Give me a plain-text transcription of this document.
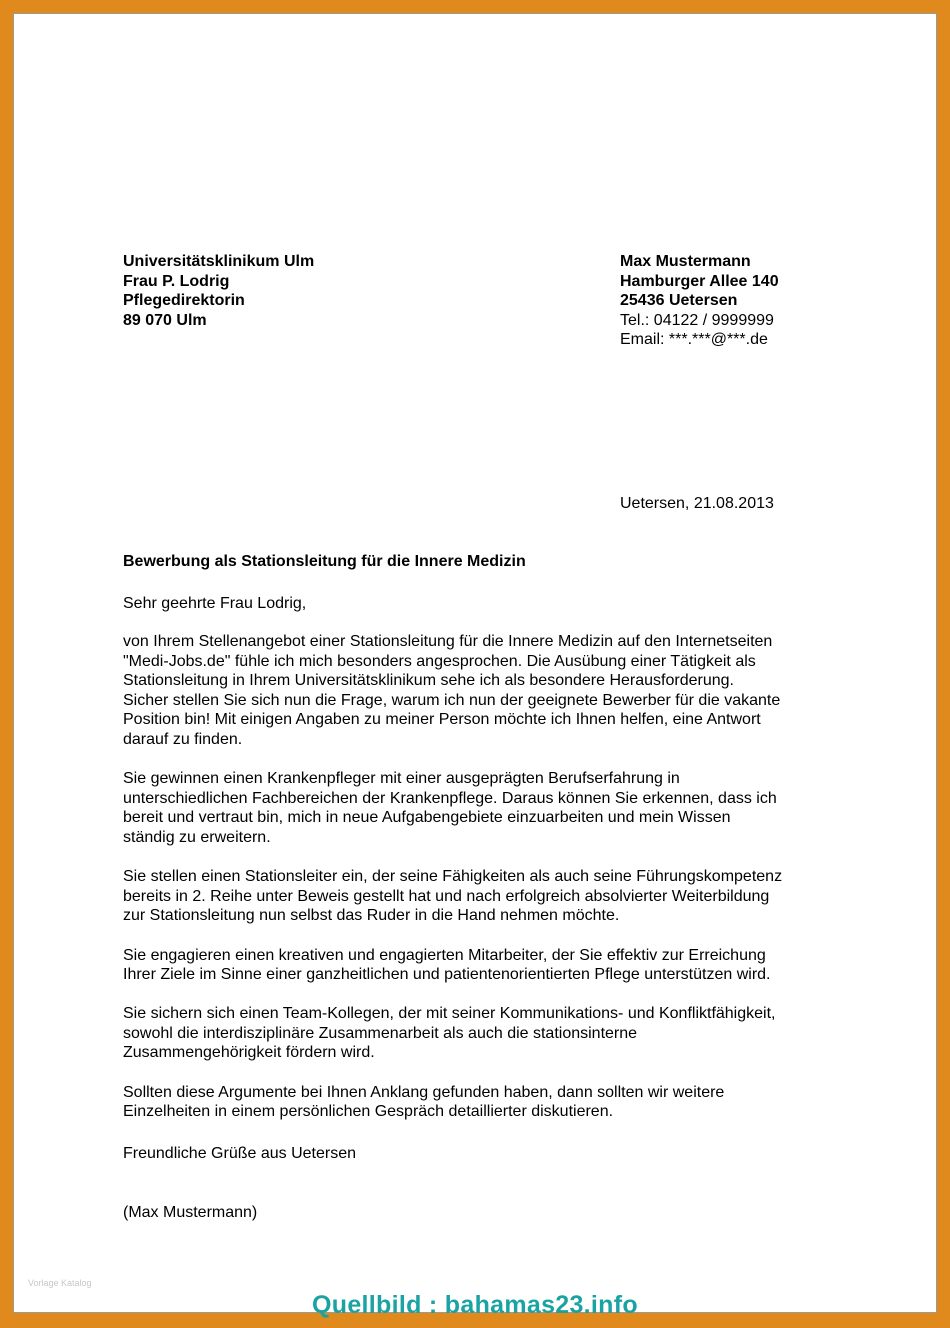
Universitätsklinikum Ulm
Frau P. Lodrig
Pflegedirektorin
89 070 Ulm
Max Mustermann
Hamburger Allee 140
25436 Uetersen
Tel.: 04122 / 9999999
Email: ***.***@***.de
Uetersen, 21.08.2013
Bewerbung als Stationsleitung für die Innere Medizin
Sehr geehrte Frau Lodrig,

von Ihrem Stellenangebot einer Stationsleitung für die Innere Medizin auf den Internetseiten
"Medi-Jobs.de" fühle ich mich besonders angesprochen. Die Ausübung einer Tätigkeit als
Stationsleitung in Ihrem Universitätsklinikum sehe ich als besondere Herausforderung.
Sicher stellen Sie sich nun die Frage, warum ich nun der geeignete Bewerber für die vakante
Position bin! Mit einigen Angaben zu meiner Person möchte ich Ihnen helfen, eine Antwort
darauf zu finden.

Sie gewinnen einen Krankenpfleger mit einer ausgeprägten Berufserfahrung in
unterschiedlichen Fachbereichen der Krankenpflege. Daraus können Sie erkennen, dass ich
bereit und vertraut bin, mich in neue Aufgabengebiete einzuarbeiten und mein Wissen
ständig zu erweitern.

Sie stellen einen Stationsleiter ein, der seine Fähigkeiten als auch seine Führungskompetenz
bereits in 2. Reihe unter Beweis gestellt hat und nach erfolgreich absolvierter Weiterbildung
zur Stationsleitung nun selbst das Ruder in die Hand nehmen möchte.

Sie engagieren einen kreativen und engagierten Mitarbeiter, der Sie effektiv zur Erreichung
Ihrer Ziele im Sinne einer ganzheitlichen und patientenorientierten Pflege unterstützen wird.

Sie sichern sich einen Team-Kollegen, der mit seiner Kommunikations- und Konfliktfähigkeit,
sowohl die interdisziplinäre Zusammenarbeit als auch die stationsinterne
Zusammengehörigkeit fördern wird.

Sollten diese Argumente bei Ihnen Anklang gefunden haben, dann sollten wir weitere
Einzelheiten in einem persönlichen Gespräch detaillierter diskutieren.

Freundliche Grüße aus Uetersen
(Max Mustermann)
Vorlage Katalog
Quellbild : bahamas23.info
